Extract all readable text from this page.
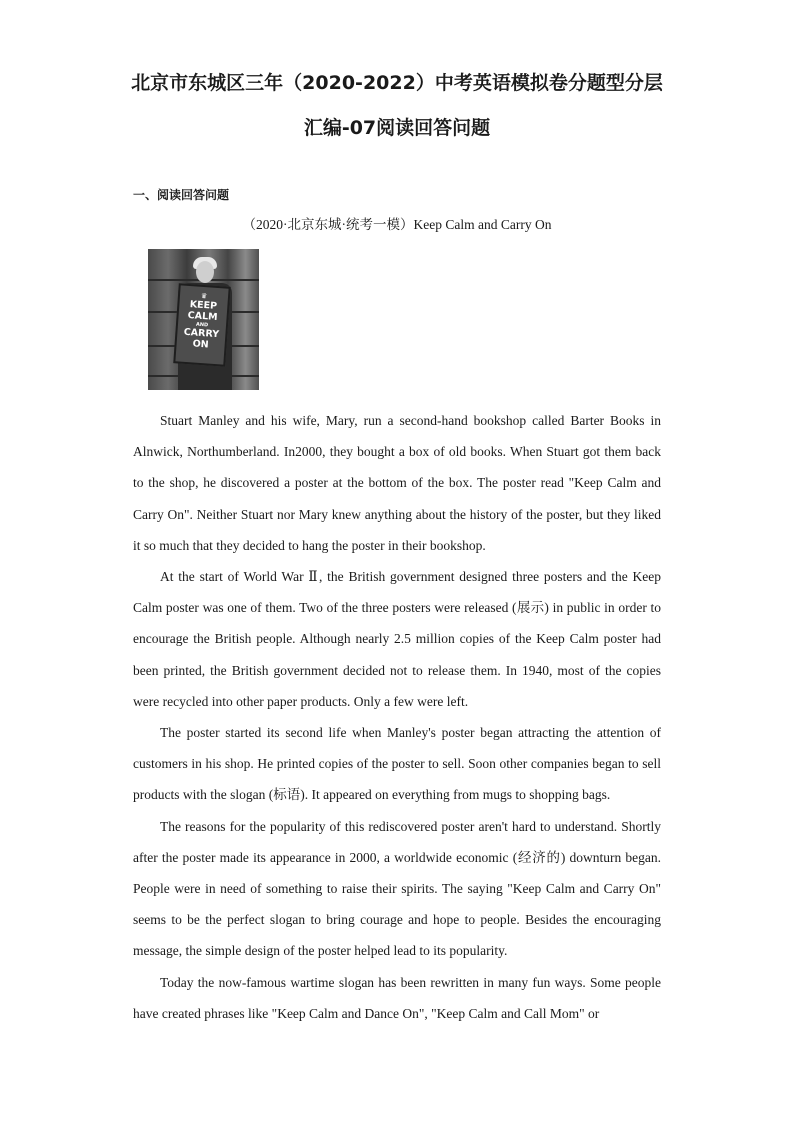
北京市东城区三年（2020-2022）中考英语模拟卷分题型分层
汇编-07阅读回答问题
一、阅读回答问题

（2020·北京东城·统考一模）Keep Calm and Carry On

♛
KEEP
CALM
AND
CARRY
ON

Stuart Manley and his wife, Mary, run a second-hand bookshop called Barter Books in Alnwick, Northumberland. In2000, they bought a box of old books. When Stuart got them back to the shop, he discovered a poster at the bottom of the box. The poster read "Keep Calm and Carry On". Neither Stuart nor Mary knew anything about the history of the poster, but they liked it so much that they decided to hang the poster in their bookshop.

At the start of World War Ⅱ, the British government designed three posters and the Keep Calm poster was one of them. Two of the three posters were released (展示) in public in order to encourage the British people. Although nearly 2.5 million copies of the Keep Calm poster had been printed, the British government decided not to release them. In 1940, most of the copies were recycled into other paper products. Only a few were left.

The poster started its second life when Manley's poster began attracting the attention of customers in his shop. He printed copies of the poster to sell. Soon other companies began to sell products with the slogan (标语). It appeared on everything from mugs to shopping bags.

The reasons for the popularity of this rediscovered poster aren't hard to understand. Shortly after the poster made its appearance in 2000, a worldwide economic (经济的) downturn began. People were in need of something to raise their spirits. The saying "Keep Calm and Carry On" seems to be the perfect slogan to bring courage and hope to people. Besides the encouraging message, the simple design of the poster helped lead to its popularity.

Today the now-famous wartime slogan has been rewritten in many fun ways. Some people have created phrases like "Keep Calm and Dance On", "Keep Calm and Call Mom" or
